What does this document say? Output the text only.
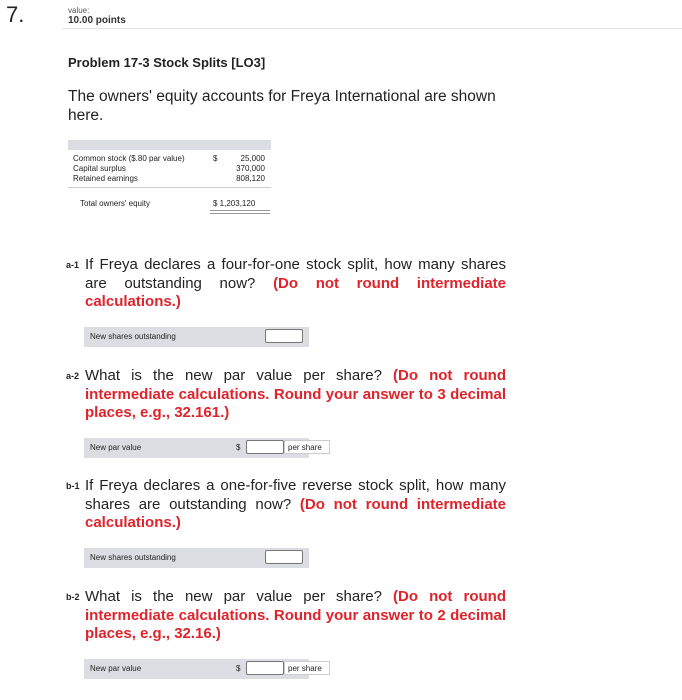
7.	value:
10.00 points
Problem 17-3 Stock Splits [LO3]
The owners' equity accounts for Freya International are shown here.
Common stock ($.80 par value)	$	25,000
Capital surplus	370,000
Retained earnings	808,120
Total owners' equity	$ 1,203,120
a-1 If Freya declares a four-for-one stock split, how many shares are outstanding now? (Do not round intermediate calculations.)
New shares outstanding
a-2 What is the new par value per share? (Do not round intermediate calculations. Round your answer to 3 decimal places, e.g., 32.161.)
New par value	$	per share
b-1 If Freya declares a one-for-five reverse stock split, how many shares are outstanding now? (Do not round intermediate calculations.)
New shares outstanding
b-2 What is the new par value per share? (Do not round intermediate calculations. Round your answer to 2 decimal places, e.g., 32.16.)
New par value	$	per share
